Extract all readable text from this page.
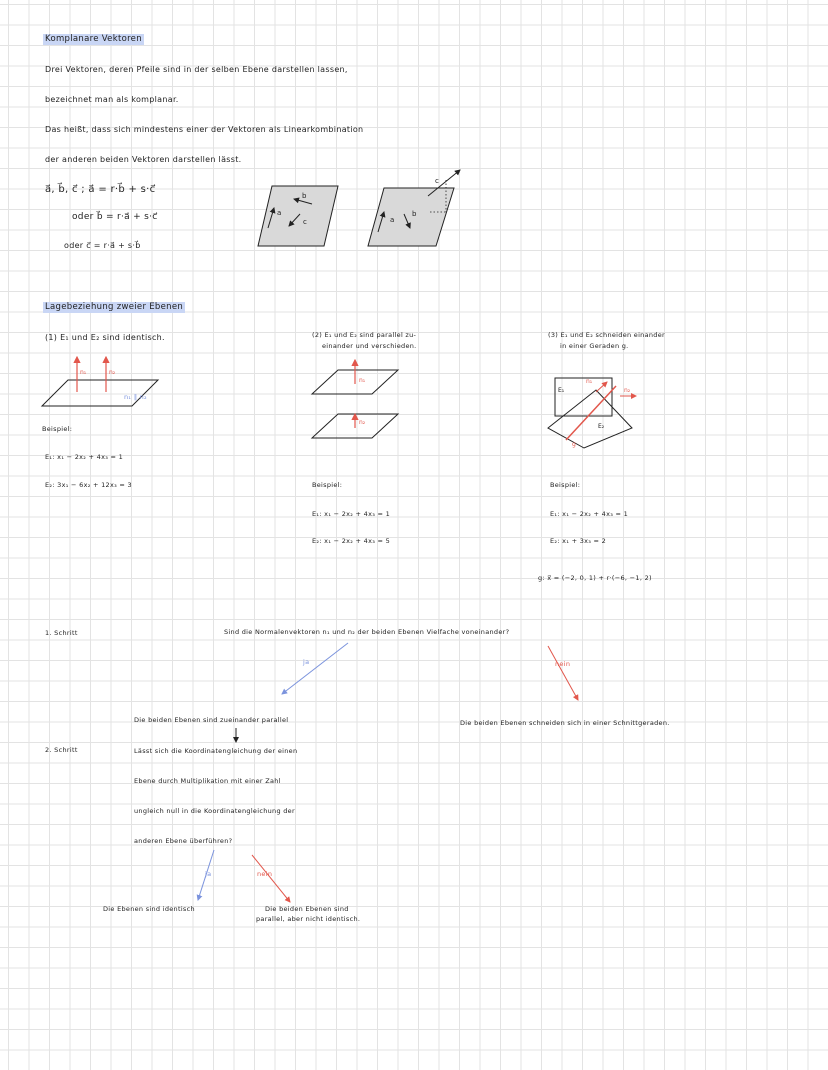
Komplanare Vektoren
Drei Vektoren, deren Pfeile sind in der selben Ebene darstellen lassen,
bezeichnet man als komplanar.
Das heißt, dass sich mindestens einer der Vektoren als Linearkombination
der anderen beiden Vektoren darstellen lässt.
a⃗, b⃗, c⃗ ; a⃗ = r·b⃗ + s·c⃗
oder b⃗ = r·a⃗ + s·c⃗
oder c⃗ = r·a⃗ + s·b⃗
Lagebeziehung zweier Ebenen
(1) E₁ und E₂ sind identisch.	(2) E₁ und E₂ sind parallel zu-
einander und verschieden.
(3) E₁ und E₂ schneiden einander
in einer Geraden g.
a
b
c	a
b
c
n₁	n₂
n₁
n₂
E₁
E₂
n₁
n₂
g
n₁ ∥ n₂
Beispiel:
E₁: x₁ − 2x₂ + 4x₃ = 1
E₂: 3x₁ − 6x₂ + 12x₃ = 3	Beispiel:
E₁: x₁ − 2x₂ + 4x₃ = 1
E₂: x₁ − 2x₂ + 4x₃ = 5
Beispiel:
E₁: x₁ − 2x₂ + 4x₃ = 1
E₂: x₁ + 3x₃ = 2
g: x⃗ = (−2, 0, 1) + r·(−6, −1, 2)
1. Schritt	Sind die Normalenvektoren n₁ und n₂ der beiden Ebenen Vielfache voneinander?
ja	nein
Die beiden Ebenen schneiden sich in einer Schnittgeraden.
Die beiden Ebenen sind zueinander parallel
2. Schritt	Lässt sich die Koordinatengleichung der einen
Ebene durch Multiplikation mit einer Zahl
ungleich null in die Koordinatengleichung der
anderen Ebene überführen?
ja	nein
Die Ebenen sind identisch	Die beiden Ebenen sind
parallel, aber nicht identisch.
